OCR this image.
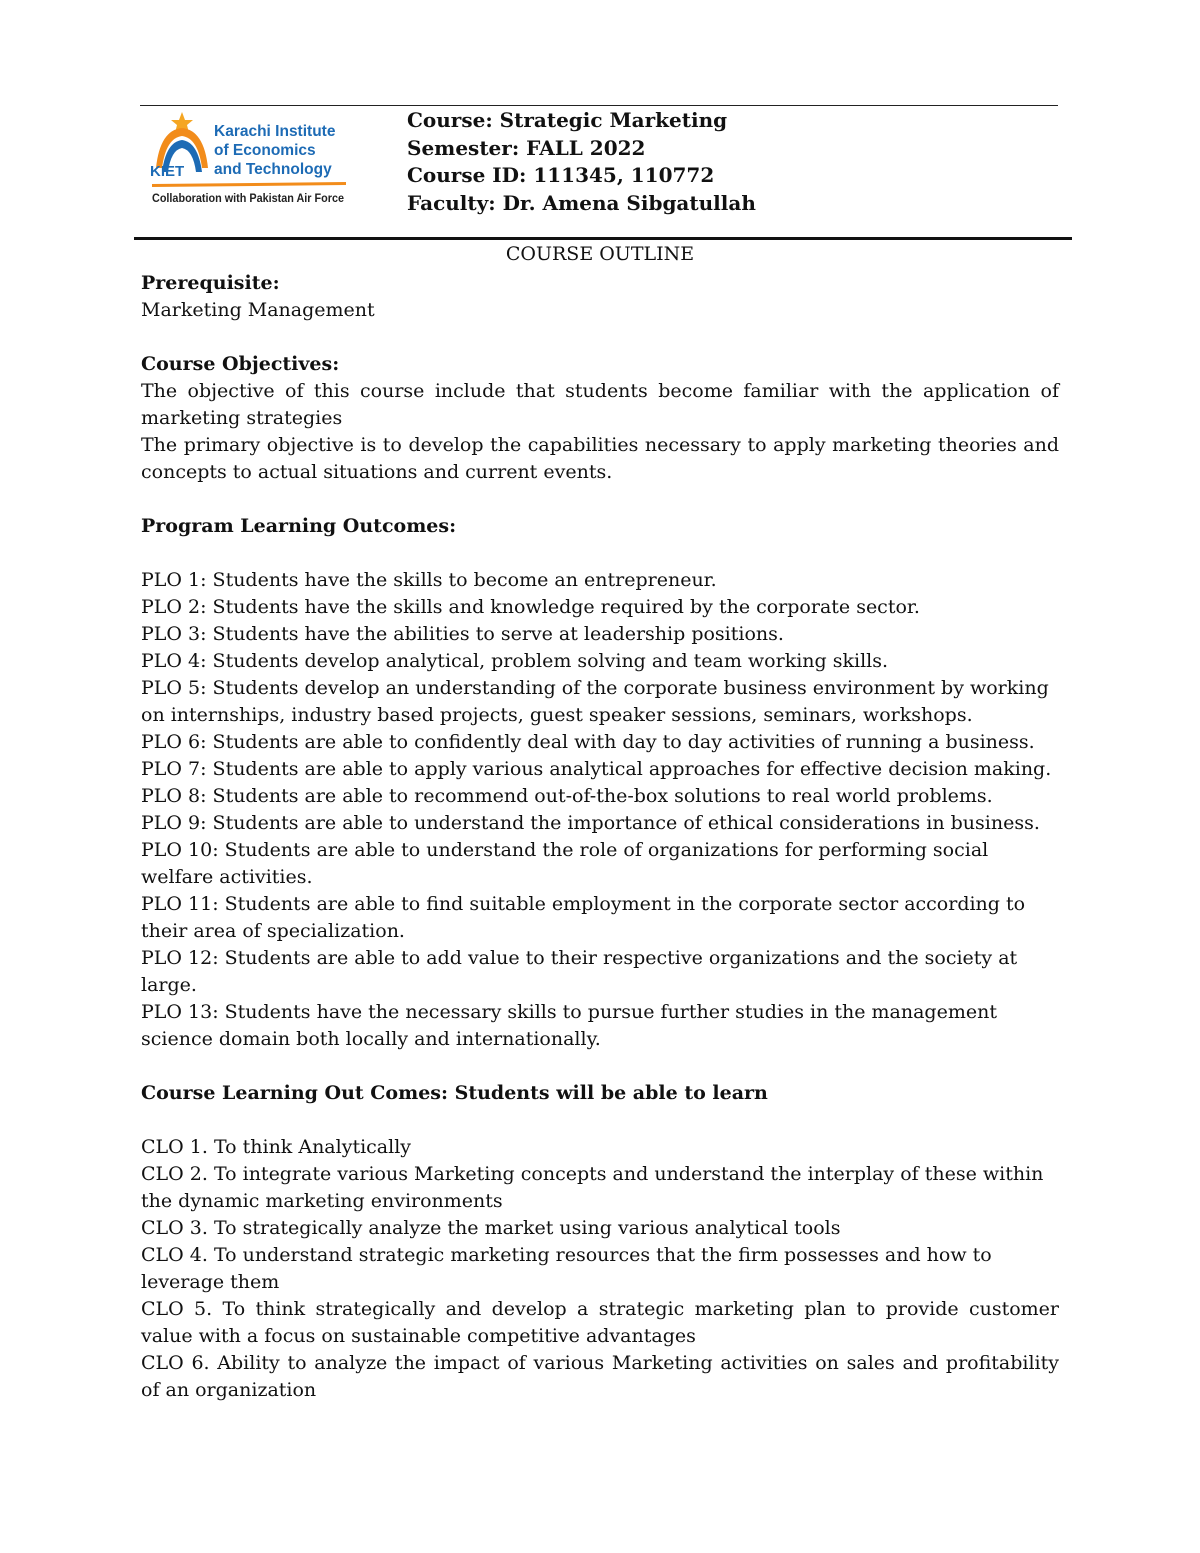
KIET
Karachi Institute
of Economics
and Technology
Collaboration with Pakistan Air Force
Course: Strategic Marketing
Semester: FALL 2022
Course ID: 111345, 110772
Faculty: Dr. Amena Sibgatullah
COURSE OUTLINE

Prerequisite:

Marketing Management

Course Objectives:

The objective of this course include that students become familiar with the application of marketing strategies

The primary objective is to develop the capabilities necessary to apply marketing theories and concepts to actual situations and current events.

Program Learning Outcomes:

PLO 1: Students have the skills to become an entrepreneur.

PLO 2: Students have the skills and knowledge required by the corporate sector.

PLO 3: Students have the abilities to serve at leadership positions.

PLO 4: Students develop analytical, problem solving and team working skills.

PLO 5: Students develop an understanding of the corporate business environment by working on internships, industry based projects, guest speaker sessions, seminars, workshops.

PLO 6: Students are able to confidently deal with day to day activities of running a business.

PLO 7: Students are able to apply various analytical approaches for effective decision making.

PLO 8: Students are able to recommend out-of-the-box solutions to real world problems.

PLO 9: Students are able to understand the importance of ethical considerations in business.

PLO 10: Students are able to understand the role of organizations for performing social welfare activities.

PLO 11: Students are able to find suitable employment in the corporate sector according to their area of specialization.

PLO 12: Students are able to add value to their respective organizations and the society at large.

PLO 13: Students have the necessary skills to pursue further studies in the management science domain both locally and internationally.

Course Learning Out Comes: Students will be able to learn

CLO 1. To think Analytically

CLO 2. To integrate various Marketing concepts and understand the interplay of these within the dynamic marketing environments

CLO 3. To strategically analyze the market using various analytical tools

CLO 4. To understand strategic marketing resources that the firm possesses and how to leverage them

CLO 5. To think strategically and develop a strategic marketing plan to provide customer value with a focus on sustainable competitive advantages

CLO 6. Ability to analyze the impact of various Marketing activities on sales and profitability of an organization
